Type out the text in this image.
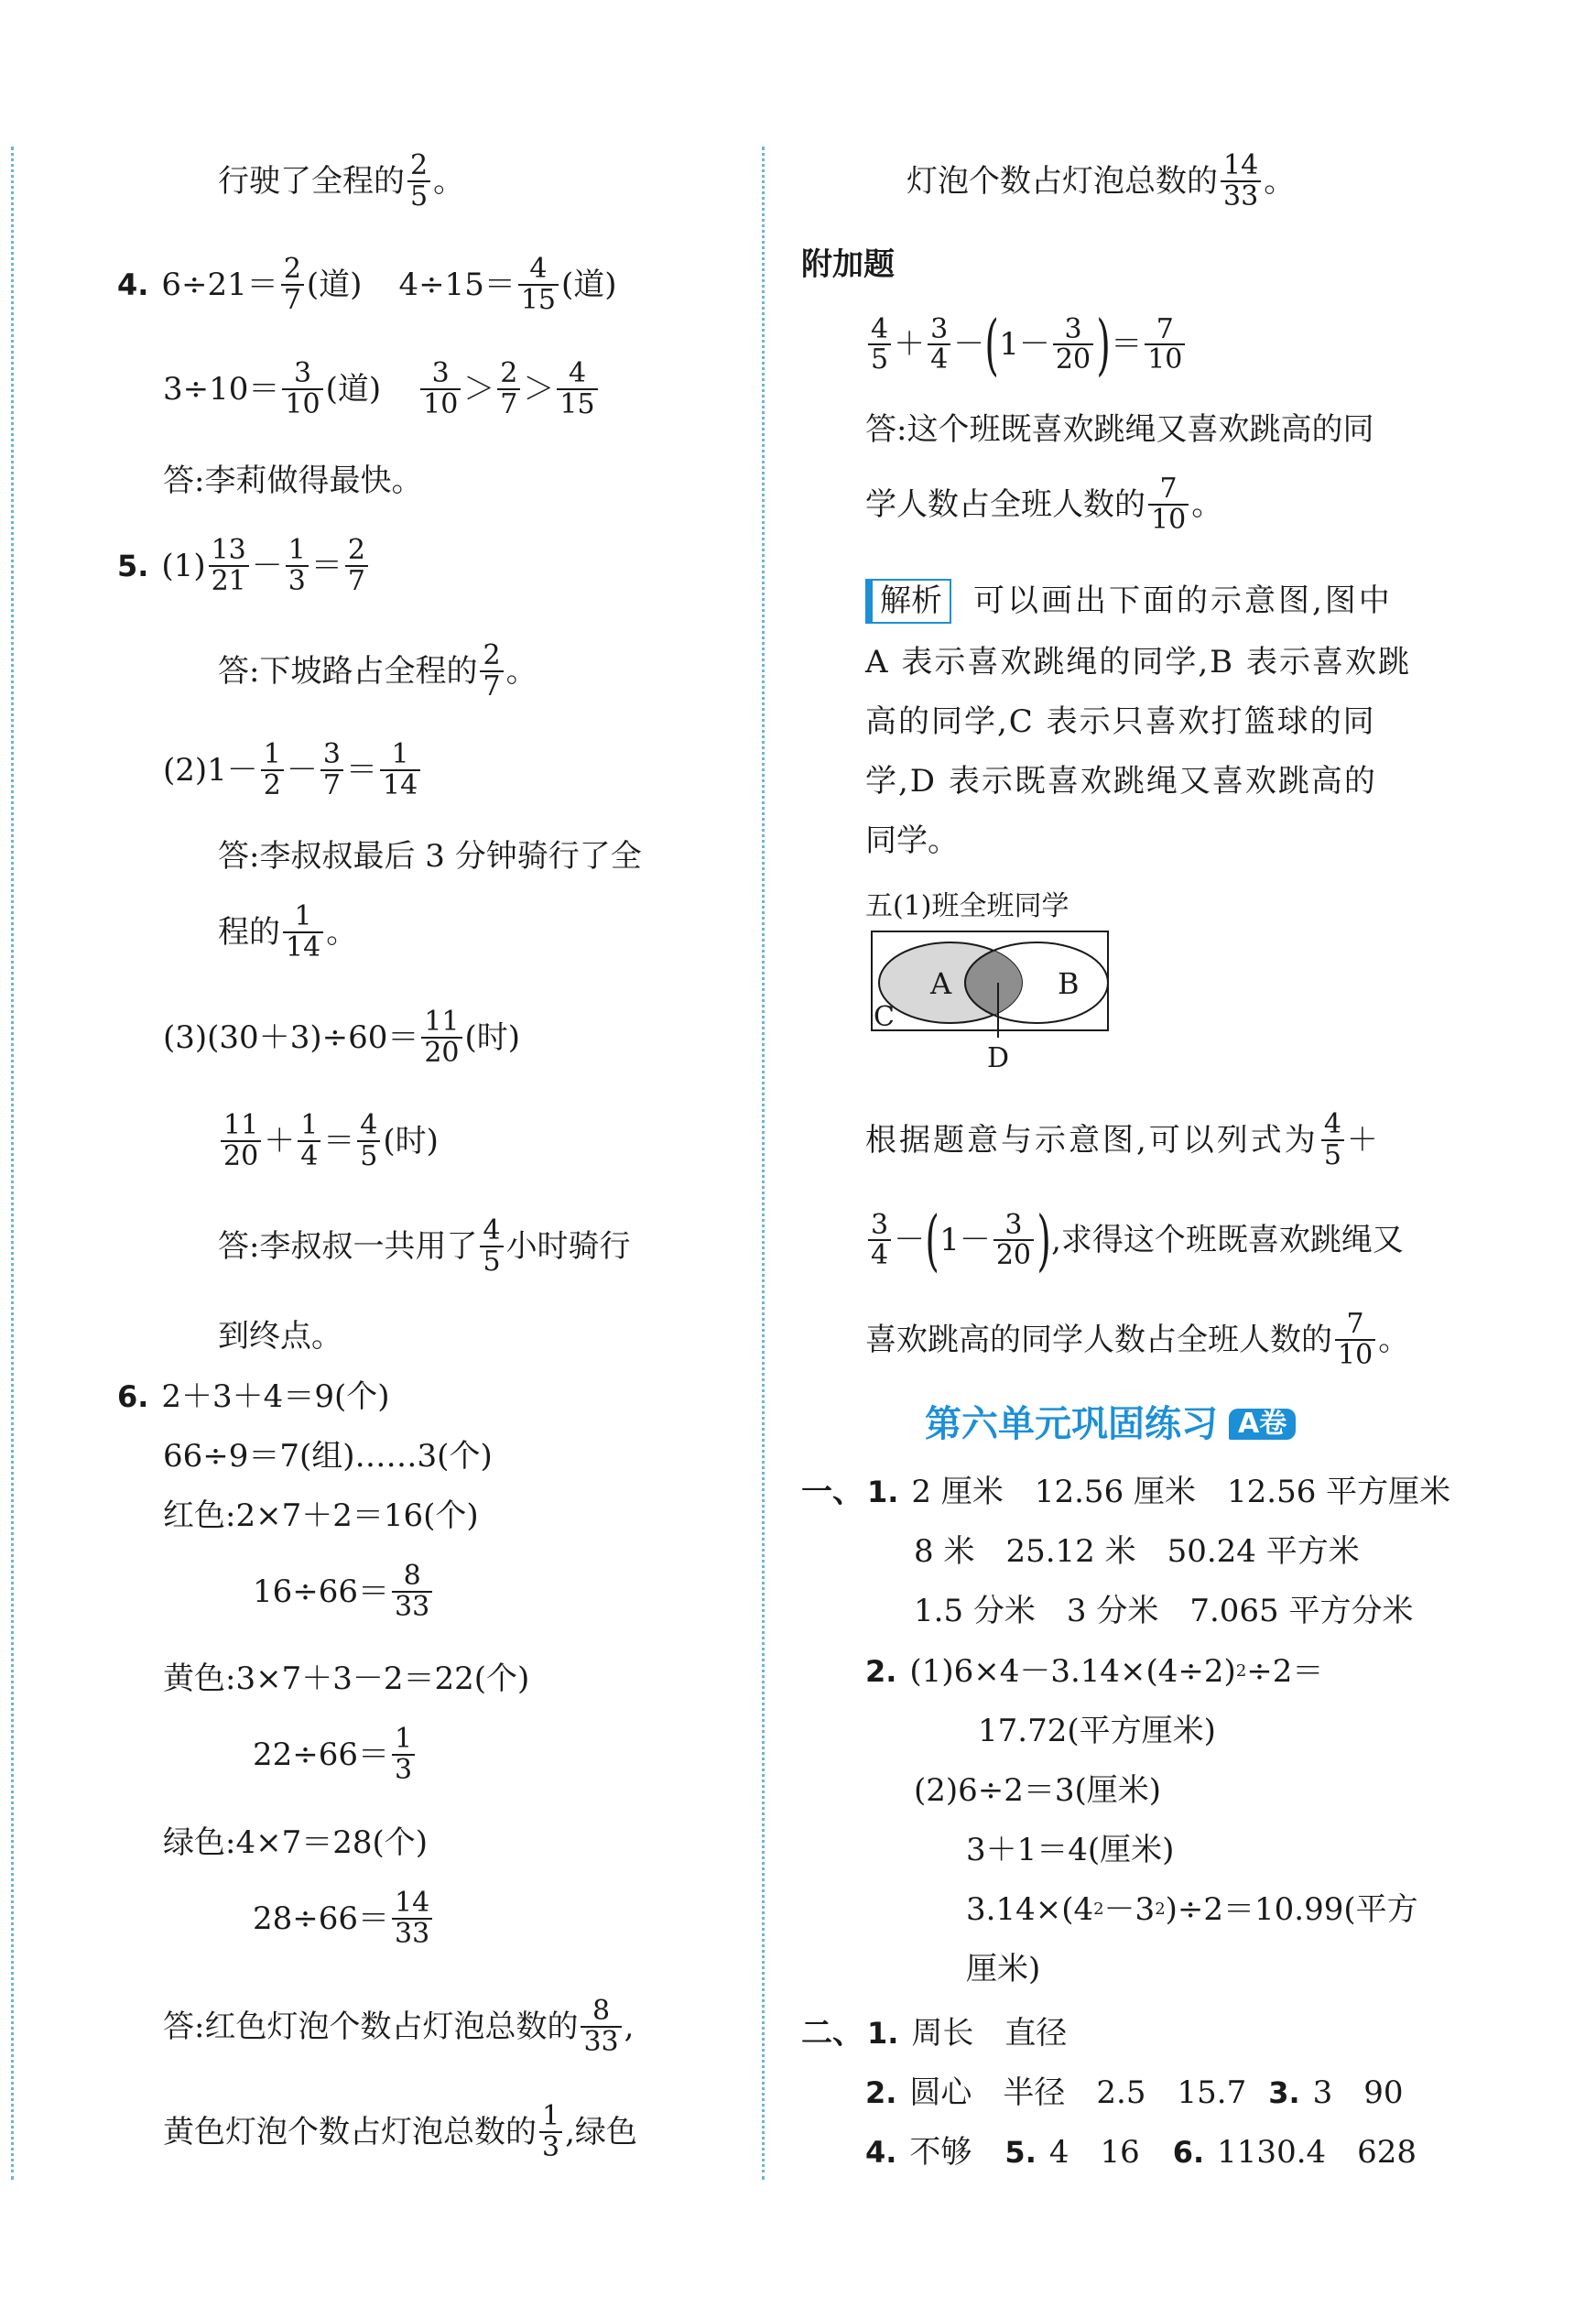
行驶了全程的 $\frac{2}{5}$ 。
4. $6\div 21= \frac{2}{7}$ (道) $4\div 15= \frac{4}{15}$ (道)
$3\div 10= \frac{3}{10}$ (道) $\frac{3}{10} > \frac{2}{7} > \frac{4}{15}$
答:李莉做得最快。
5. $(1) \frac{13}{21} - \frac{1}{3} = \frac{2}{7}$
答:下坡路占全程的 $\frac{2}{7}$ 。
$(2)1- \frac{1}{2} - \frac{3}{7} = \frac{1}{14}$
答:李叔叔最后 3 分钟骑行了全
程的 $\frac{1}{14}$ 。
$(3)(30+3)\div 60= \frac{11}{20}$ (时)
$\frac{11}{20} + \frac{1}{4} = \frac{4}{5}$ (时)
答:李叔叔一共用了 $\frac{4}{5}$ 小时骑行
到终点。
6. 2＋3＋4＝9(个)
66÷9＝7(组)……3(个)
红色:2×7＋2＝16(个)
$16\div 66= \frac{8}{33}$
黄色:3×7＋3－2＝22(个)
$22\div 66= \frac{1}{3}$
绿色:4×7＝28(个)
$28\div 66= \frac{14}{33}$
答:红色灯泡个数占灯泡总数的 $\frac{8}{33}$ ,
黄色灯泡个数占灯泡总数的 $\frac{1}{3}$ ,绿色
灯泡个数占灯泡总数的 $\frac{14}{33}$ 。
附加题
$\frac{4}{5} + \frac{3}{4}$ － ( $1- \frac{3}{20}$ ) ＝ $\frac{7}{10}$
答:这个班既喜欢跳绳又喜欢跳高的同
学人数占全班人数的 $\frac{7}{10}$ 。
解析 可以画出下面的示意图,图中
A 表示喜欢跳绳的同学,B 表示喜欢跳
高的同学,C 表示只喜欢打篮球的同
学,D 表示既喜欢跳绳又喜欢跳高的
同学。
五(1)班全班同学
A	B
C
D
根据题意与示意图,可以列式为 $\frac{4}{5}$ ＋
$\frac{3}{4}$ － ( $1- \frac{3}{20}$ ) ,求得这个班既喜欢跳绳又
喜欢跳高的同学人数占全班人数的 $\frac{7}{10}$ 。
第六单元巩固练习 A卷
一、 1. 2 厘米　12.56 厘米　12.56 平方厘米
8 米　25.12 米　50.24 平方米
1.5 分米　3 分米　7.065 平方分米
2. (1)6×4－3.14×(4÷2) 2 ÷2＝
17.72(平方厘米)
(2)6÷2＝3(厘米)
3＋1＝4(厘米)
3.14×(4 2 －3 2 )÷2＝10.99(平方
厘米)
二、 1. 周长　直径
2. 圆心　半径　2.5　15.7 3. 3　90
4. 不够 5. 4　16 6. 1130.4　628
